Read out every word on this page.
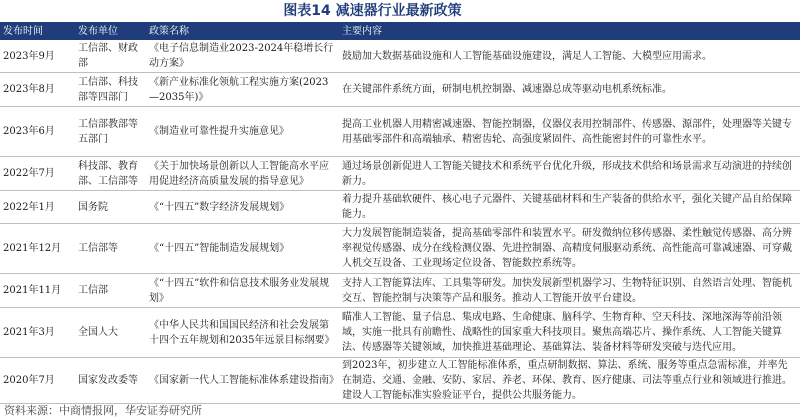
图表14 减速器行业最新政策
发布时间	发布单位	政策名称	主要内容
2023年9月	工信部、财政部	《电子信息制造业2023-2024年稳增长行动方案》	鼓励加大数据基础设施和人工智能基础设施建设，满足人工智能、大模型应用需求。
2023年8月	工信部、科技部等四部门	《新产业标准化领航工程实施方案(2023—2035年)》	在关键部件系统方面，研制电机控制器、减速器总成等驱动电机系统标准。
2023年6月	工信部教部等五部门	《制造业可靠性提升实施意见》	提高工业机器人用精密减速器、智能控制器，仪器仪表用控制部件、传感器、源部件，处理器等关键专用基础零部件和高端轴承、精密齿轮、高强度紧固件、高性能密封件的可靠性水平。
2022年7月	科技部、教育部、工信部等	《关于加快场景创新以人工智能高水平应用促进经济高质量发展的指导意见》	通过场景创新促进人工智能关键技术和系统平台优化升级，形成技术供给和场景需求互动演进的持续创新力。
2022年1月	国务院	《“十四五”数字经济发展规划》	着力提升基础软硬件、核心电子元器件、关键基础材料和生产装备的供给水平，强化关键产品自给保障能力。
2021年12月	工信部等	《“十四五”智能制造发展规划》	大力发展智能制造装备，提高基础零部件和装置水平。研发微纳位移传感器、柔性触觉传感器、高分辨率视觉传感器、成分在线检测仪器、先进控制器、高精度伺服驱动系统、高性能高可靠减速器、可穿戴人机交互设备、工业现场定位设备、智能数控系统等。
2021年11月	工信部	《“十四五”软件和信息技术服务业发展规划》	支持人工智能算法库、工具集等研发。加快发展新型机器学习、生物特征识别、自然语言处理、智能机交互、智能控制与决策等产品和服务。推动人工智能开放平台建设。
2021年3月	全国人大	《中华人民共和国国民经济和社会发展第十四个五年规划和2035年远景目标纲要》	瞄准人工智能、量子信息、集成电路、生命健康、脑科学、生物育种、空天科技、深地深海等前沿领域，实施一批具有前瞻性、战略性的国家重大科技项目。聚焦高端芯片、操作系统、人工智能关键算法、传感器等关键领域，加快推进基础理论、基础算法、装备材料等研发突破与迭代应用。
2020年7月	国家发改委等	《国家新一代人工智能标准体系建设指南》	到2023年，初步建立人工智能标准体系，重点研制数据、算法、系统、服务等重点急需标准，并率先在制造、交通、金融、安防、家居、养老、环保、教育、医疗健康、司法等重点行业和领域进行推进。建设人工智能标准实验验证平台，提供公共服务能力。
资料来源：中商情报网，华安证券研究所
